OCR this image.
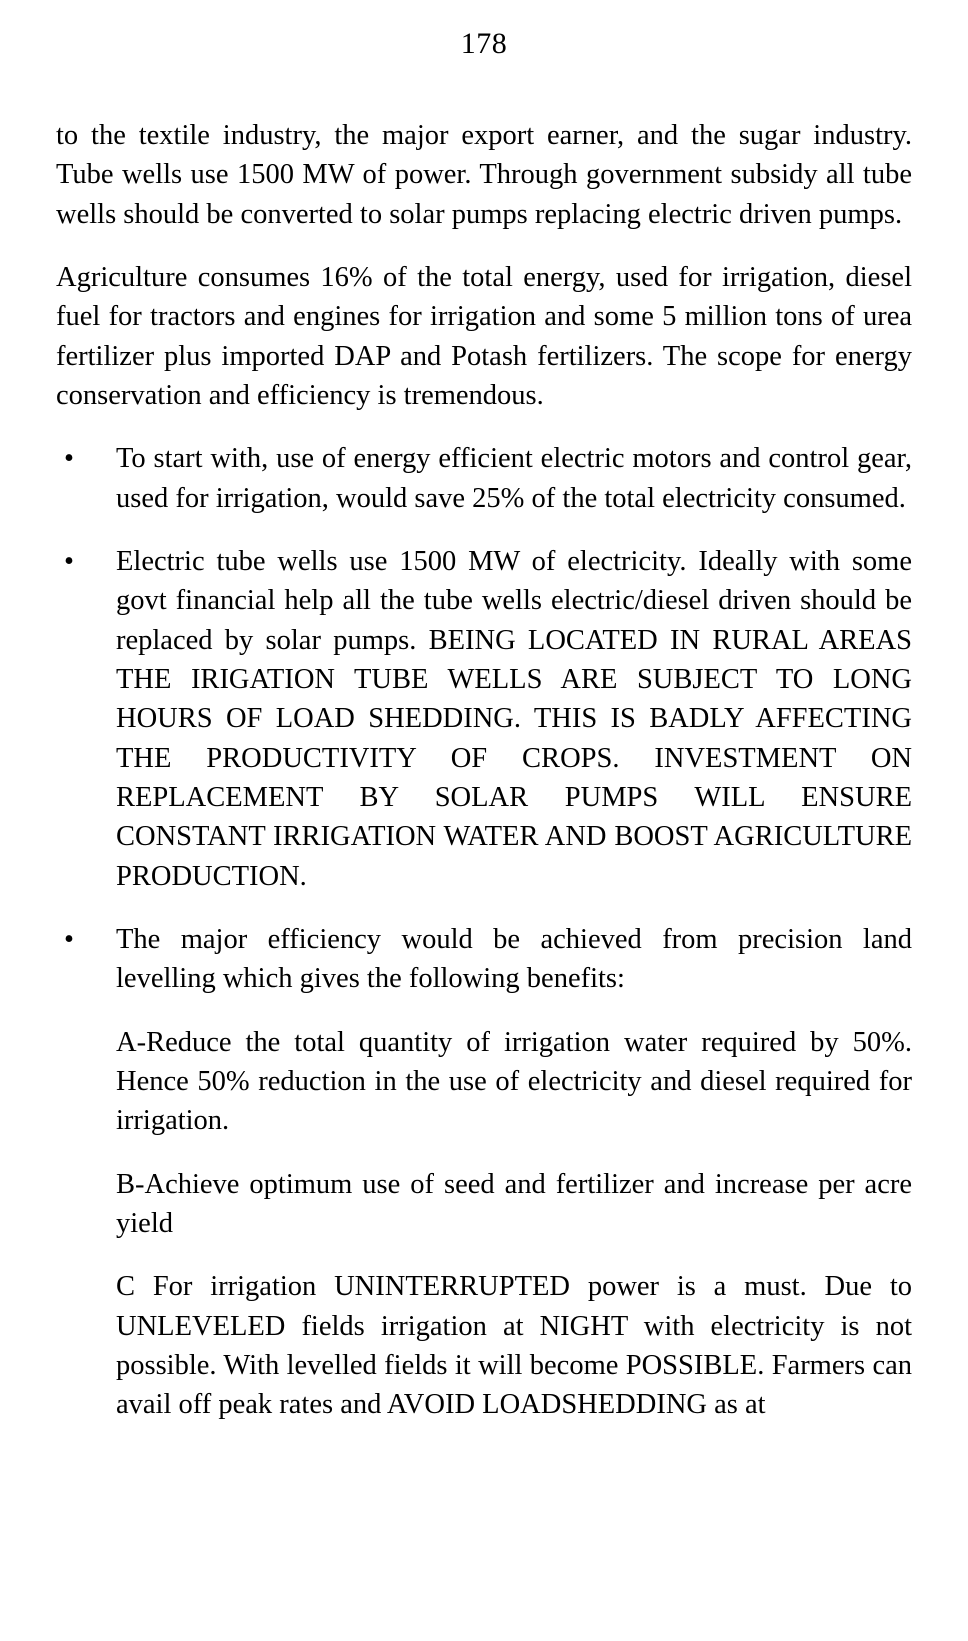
178

to the textile industry, the major export earner, and the sugar industry. Tube wells use 1500 MW of power. Through government subsidy all tube wells should be converted to solar pumps replacing electric driven pumps.

Agriculture consumes 16% of the total energy, used for irrigation, diesel fuel for tractors and engines for irrigation and some 5 million tons of urea fertilizer plus imported DAP and Potash fertilizers. The scope for energy conservation and efficiency is tremendous.

• To start with, use of energy efficient electric motors and control gear, used for irrigation, would save 25% of the total electricity consumed.

• Electric tube wells use 1500 MW of electricity. Ideally with some govt financial help all the tube wells electric/diesel driven should be replaced by solar pumps. BEING LOCATED IN RURAL AREAS THE IRIGATION TUBE WELLS ARE SUBJECT TO LONG HOURS OF LOAD SHEDDING. THIS IS BADLY AFFECTING THE PRODUCTIVITY OF CROPS. INVESTMENT ON REPLACEMENT BY SOLAR PUMPS WILL ENSURE CONSTANT IRRIGATION WATER AND BOOST AGRICULTURE PRODUCTION.

• The major efficiency would be achieved from precision land levelling which gives the following benefits:

A-Reduce the total quantity of irrigation water required by 50%. Hence 50% reduction in the use of electricity and diesel required for irrigation.

B-Achieve optimum use of seed and fertilizer and increase per acre yield

C For irrigation UNINTERRUPTED power is a must. Due to UNLEVELED fields irrigation at NIGHT with electricity is not possible. With levelled fields it will become POSSIBLE. Farmers can avail off peak rates and AVOID LOADSHEDDING as at
